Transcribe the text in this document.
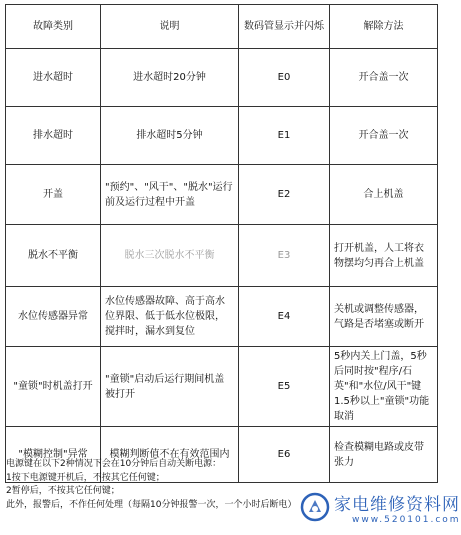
故障类别	说明	数码管显示并闪烁	解除方法
进水超时	进水超时20分钟	E0	开合盖一次
排水超时	排水超时5分钟	E1	开合盖一次
开盖	"预约"、"风干"、"脱水"运行前及运行过程中开盖	E2	合上机盖
脱水不平衡	脱水三次脱水不平衡	E3	打开机盖，人工将衣物摆均匀再合上机盖
水位传感器异常	水位传感器故障、高于高水位界限、低于低水位极限，搅拌时，漏水到复位	E4	关机或调整传感器，气路是否堵塞或断开
"童锁"时机盖打开	"童锁"启动后运行期间机盖被打开	E5	5秒内关上门盖，5秒后同时按"程序/石英"和"水位/风干"键1.5秒以上"童锁"功能取消
"模糊控制"异常	模糊判断值不在有效范围内	E6	检查模糊电路或皮带张力
电源键在以下2种情况下会在10分钟后自动关断电源：
1按下电源键开机后，不按其它任何键；
2暂停后，不按其它任何键；
此外，报警后，不作任何处理（每隔10分钟报警一次，一个小时后断电）	家电维修资料网
www.520101.com
